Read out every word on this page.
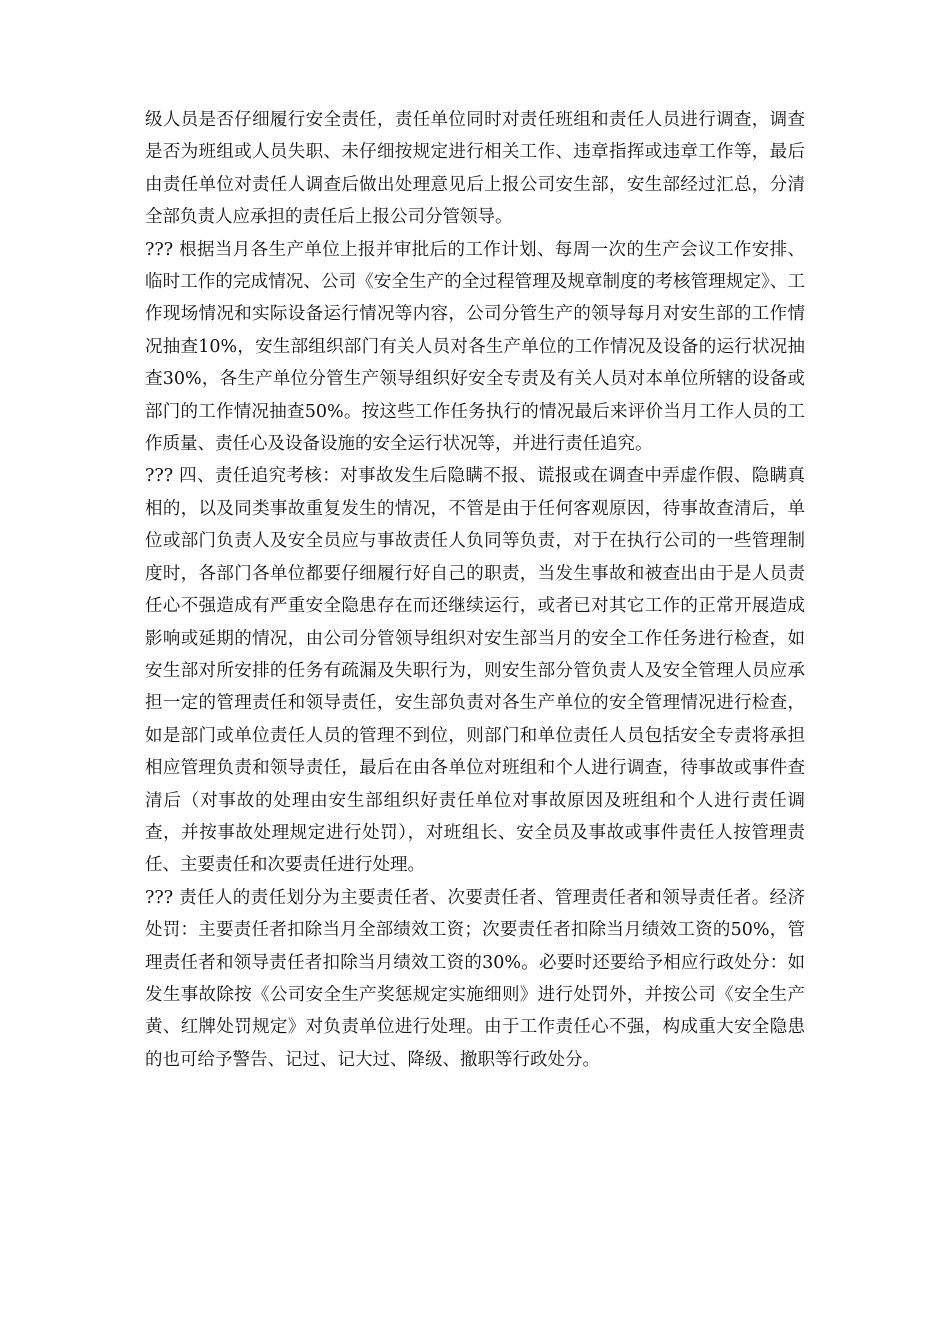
级人员是否仔细履行安全责任，责任单位同时对责任班组和责任人员进行调查，调查是否为班组或人员失职、未仔细按规定进行相关工作、违章指挥或违章工作等，最后由责任单位对责任人调查后做出处理意见后上报公司安生部，安生部经过汇总，分清全部负责人应承担的责任后上报公司分管领导。

??? 根据当月各生产单位上报并审批后的工作计划、每周一次的生产会议工作安排、临时工作的完成情况、公司《安全生产的全过程管理及规章制度的考核管理规定》、工作现场情况和实际设备运行情况等内容，公司分管生产的领导每月对安生部的工作情况抽查10%，安生部组织部门有关人员对各生产单位的工作情况及设备的运行状况抽查30%，各生产单位分管生产领导组织好安全专责及有关人员对本单位所辖的设备或部门的工作情况抽查50%。按这些工作任务执行的情况最后来评价当月工作人员的工作质量、责任心及设备设施的安全运行状况等，并进行责任追究。

??? 四、责任追究考核：对事故发生后隐瞒不报、谎报或在调查中弄虚作假、隐瞒真相的，以及同类事故重复发生的情况，不管是由于任何客观原因，待事故查清后，单位或部门负责人及安全员应与事故责任人负同等负责，对于在执行公司的一些管理制度时，各部门各单位都要仔细履行好自己的职责，当发生事故和被查出由于是人员责任心不强造成有严重安全隐患存在而还继续运行，或者已对其它工作的正常开展造成影响或延期的情况，由公司分管领导组织对安生部当月的安全工作任务进行检查，如安生部对所安排的任务有疏漏及失职行为，则安生部分管负责人及安全管理人员应承担一定的管理责任和领导责任，安生部负责对各生产单位的安全管理情况进行检查，如是部门或单位责任人员的管理不到位，则部门和单位责任人员包括安全专责将承担相应管理负责和领导责任，最后在由各单位对班组和个人进行调查，待事故或事件查清后（对事故的处理由安生部组织好责任单位对事故原因及班组和个人进行责任调查，并按事故处理规定进行处罚），对班组长、安全员及事故或事件责任人按管理责任、主要责任和次要责任进行处理。

??? 责任人的责任划分为主要责任者、次要责任者、管理责任者和领导责任者。经济处罚：主要责任者扣除当月全部绩效工资；次要责任者扣除当月绩效工资的50%，管理责任者和领导责任者扣除当月绩效工资的30%。必要时还要给予相应行政处分：如发生事故除按《公司安全生产奖惩规定实施细则》进行处罚外，并按公司《安全生产黄、红牌处罚规定》对负责单位进行处理。由于工作责任心不强，构成重大安全隐患的也可给予警告、记过、记大过、降级、撤职等行政处分。
